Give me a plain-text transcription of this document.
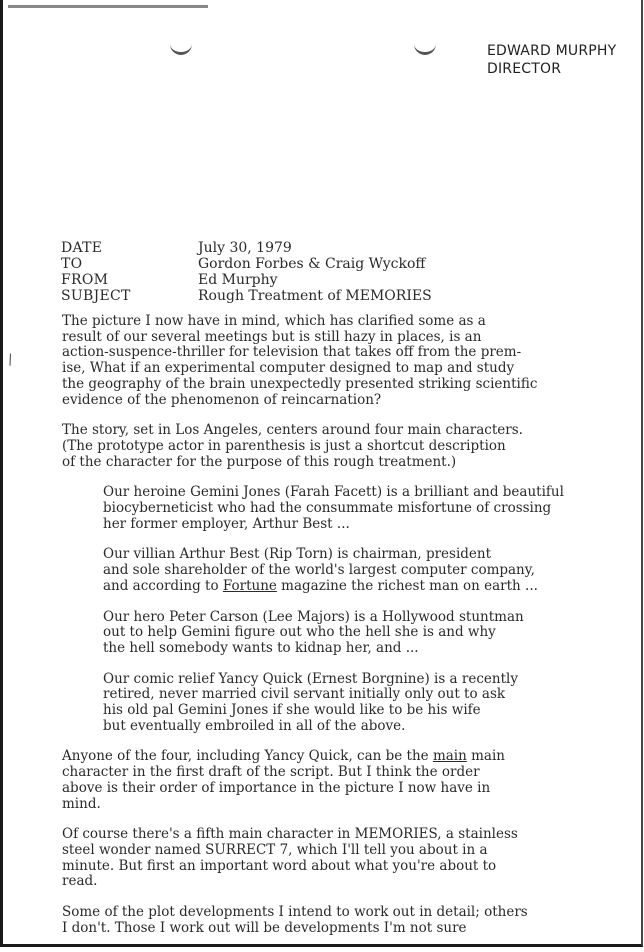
EDWARD MURPHY
DIRECTOR
∕
DATE	July 30, 1979
TO	Gordon Forbes & Craig Wyckoff
FROM	Ed Murphy
SUBJECT	Rough Treatment of MEMORIES

The picture I now have in mind, which has clarified some as a
result of our several meetings but is still hazy in places, is an
action-suspence-thriller for television that takes off from the prem-
ise, What if an experimental computer designed to map and study
the geography of the brain unexpectedly presented striking scientific
evidence of the phenomenon of reincarnation?

The story, set in Los Angeles, centers around four main characters.
(The prototype actor in parenthesis is just a shortcut description
of the character for the purpose of this rough treatment.)

Our heroine Gemini Jones (Farah Facett) is a brilliant and beautiful
biocyberneticist who had the consummate misfortune of crossing
her former employer, Arthur Best ...

Our villian Arthur Best (Rip Torn) is chairman, president
and sole shareholder of the world's largest computer company,
and according to Fortune magazine the richest man on earth ...

Our hero Peter Carson (Lee Majors) is a Hollywood stuntman
out to help Gemini figure out who the hell she is and why
the hell somebody wants to kidnap her, and ...

Our comic relief Yancy Quick (Ernest Borgnine) is a recently
retired, never married civil servant initially only out to ask
his old pal Gemini Jones if she would like to be his wife
but eventually embroiled in all of the above.

Anyone of the four, including Yancy Quick, can be the main main
character in the first draft of the script. But I think the order
above is their order of importance in the picture I now have in
mind.

Of course there's a fifth main character in MEMORIES, a stainless
steel wonder named SURRECT 7, which I'll tell you about in a
minute. But first an important word about what you're about to
read.

Some of the plot developments I intend to work out in detail; others
I don't. Those I work out will be developments I'm not sure
